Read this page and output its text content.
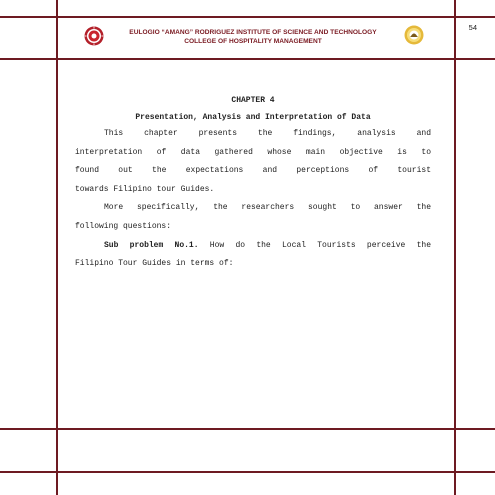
54
EULOGIO “AMANG” RODRIGUEZ INSTITUTE OF SCIENCE AND TECHNOLOGY
COLLEGE OF HOSPITALITY MANAGEMENT
CHAPTER 4
Presentation, Analysis and Interpretation of Data

This chapter presents the findings, analysis and

interpretation of data gathered whose main objective is to

found out the expectations and perceptions of tourist

towards Filipino tour Guides.

More specifically, the researchers sought to answer the

following questions:

Sub problem No.1. How do the Local Tourists perceive the

Filipino Tour Guides in terms of:
